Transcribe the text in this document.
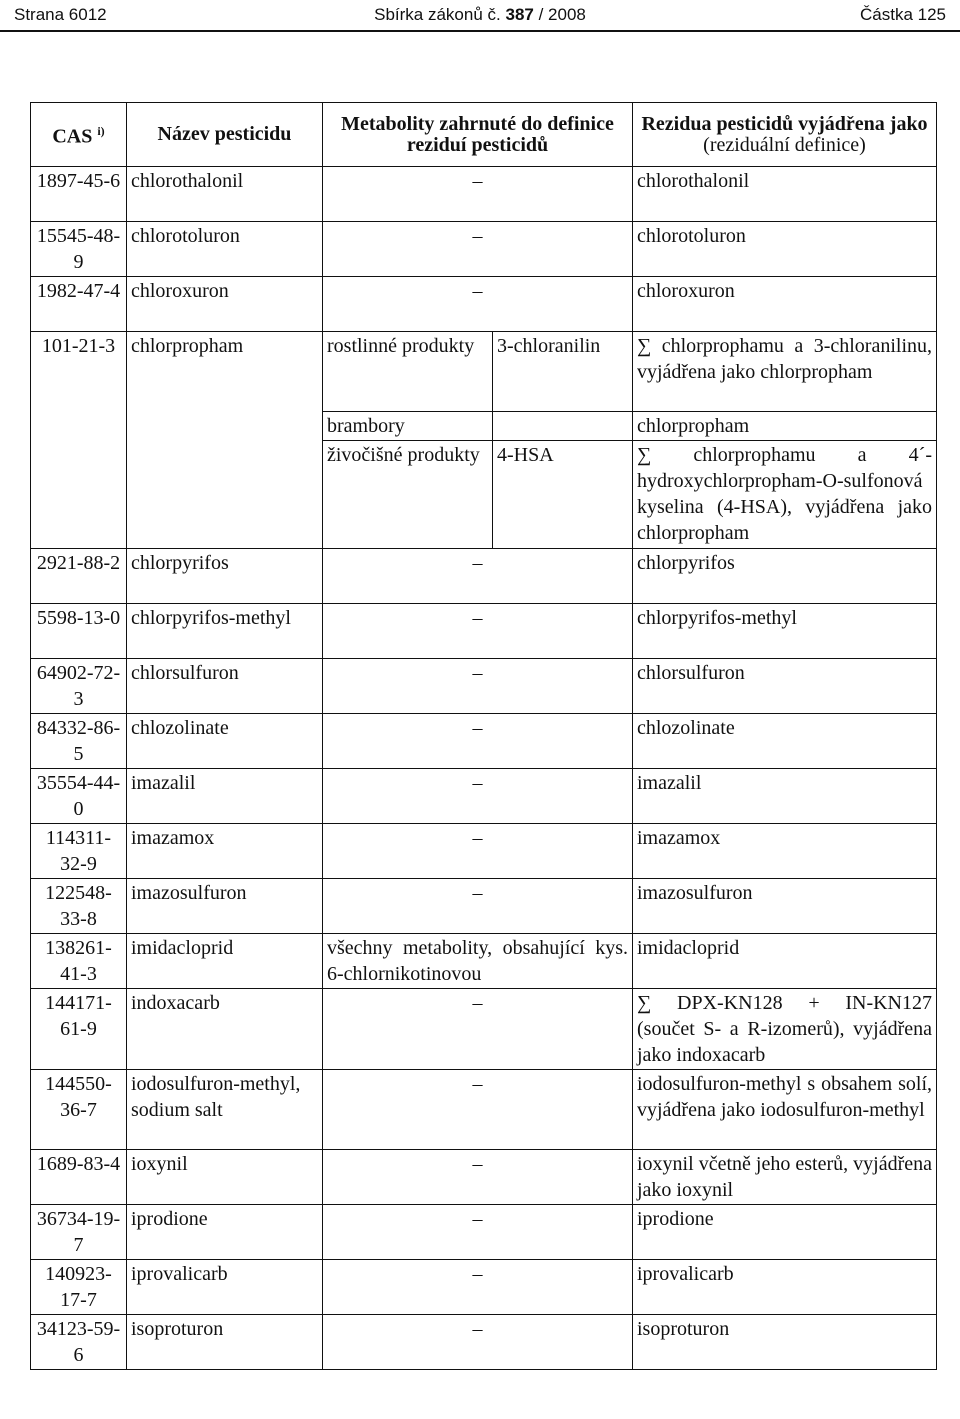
Strana 6012	Sbírka zákonů č. 387 / 2008	Částka 125
CAS $^{i)}$	Název pesticidu	Metabolity zahrnuté do definice reziduí pesticidů		Rezidua pesticidů vyjádřena jako
(reziduální definice)
1897-45-6	chlorothalonil	–		chlorothalonil
15545-48-9	chlorotoluron	–		chlorotoluron
1982-47-4	chloroxuron	–		chloroxuron
101-21-3	chlorpropham	rostlinné produkty	3-chloranilin	∑ chlorprophamu a 3-chloranilinu, vyjádřena jako chlorpropham
		brambory		chlorpropham
		živočišné produkty	4-HSA	∑ chlorprophamu a 4´-hydroxychlorpropham-O-sulfonová kyselina (4-HSA), vyjádřena jako chlorpropham
2921-88-2	chlorpyrifos	–		chlorpyrifos
5598-13-0	chlorpyrifos-methyl	–		chlorpyrifos-methyl
64902-72-3	chlorsulfuron	–		chlorsulfuron
84332-86-5	chlozolinate	–		chlozolinate
35554-44-0	imazalil	–		imazalil
114311-32-9	imazamox	–		imazamox
122548-33-8	imazosulfuron	–		imazosulfuron
138261-41-3	imidacloprid	všechny metabolity, obsahující kys. 6-chlornikotinovou		imidacloprid
144171-61-9	indoxacarb	–		∑ DPX-KN128 + IN-KN127 (součet S- a R-izomerů), vyjádřena jako indoxacarb
144550-36-7	iodosulfuron-methyl, sodium salt	–		iodosulfuron-methyl s obsahem solí, vyjádřena jako iodosulfuron-methyl
1689-83-4	ioxynil	–		ioxynil včetně jeho esterů, vyjádřena jako ioxynil
36734-19-7	iprodione	–		iprodione
140923-17-7	iprovalicarb	–		iprovalicarb
34123-59-6	isoproturon	–		isoproturon
